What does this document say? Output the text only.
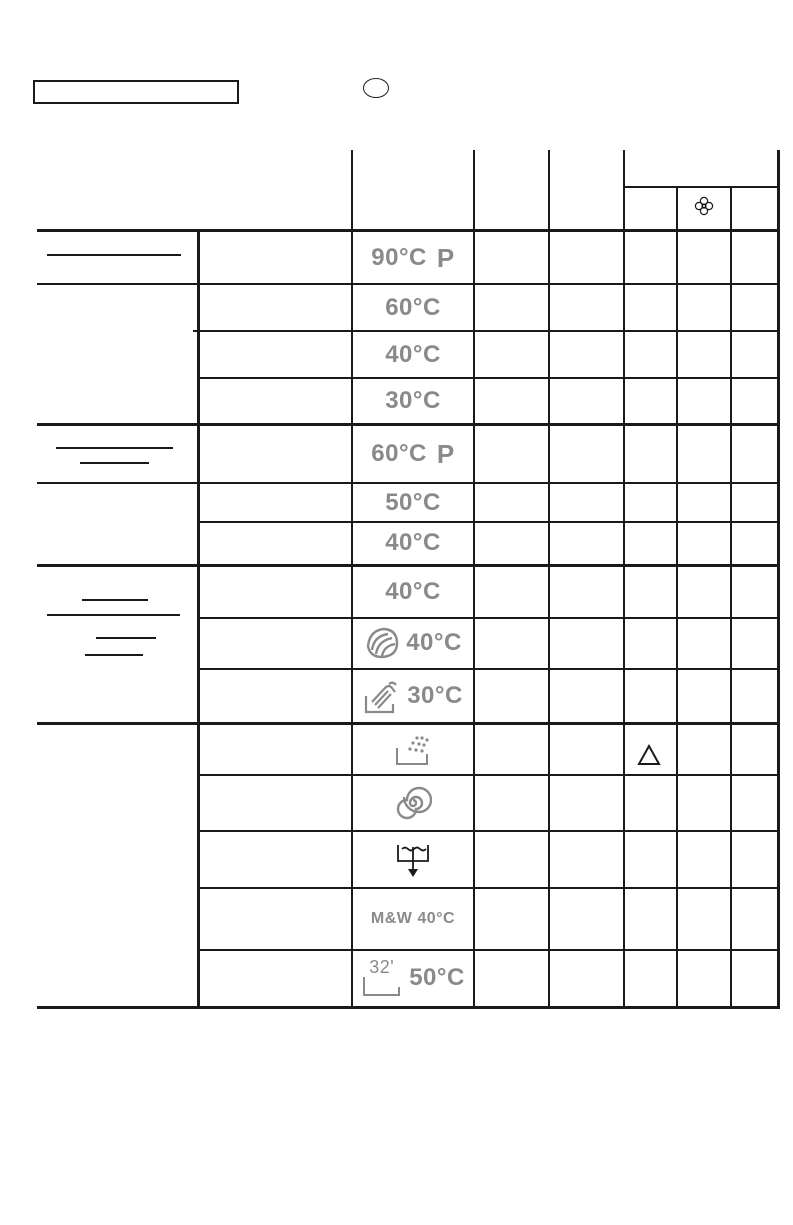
90°C P
60°C
40°C
30°C
60°C P
50°C
40°C
40°C
40°C
30°C
M&W 40°C
32' 50°C
